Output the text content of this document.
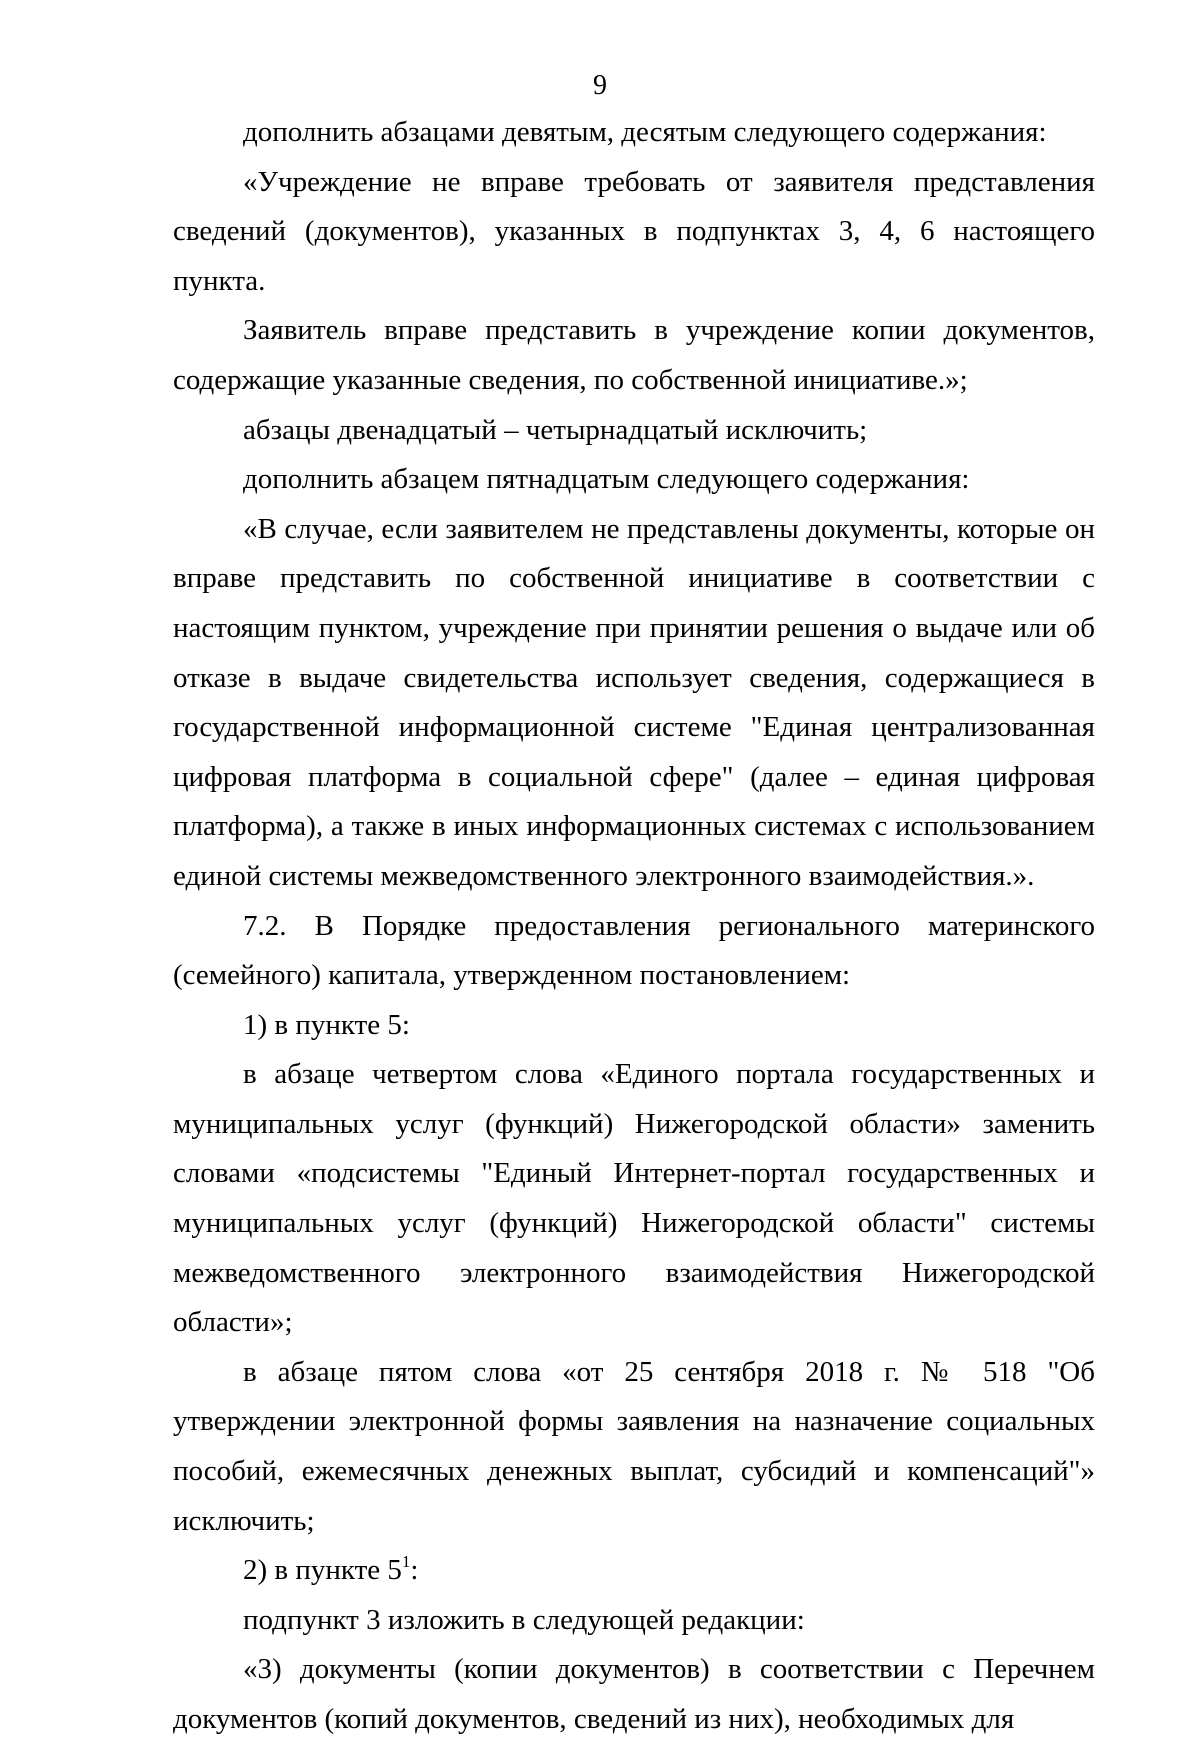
9

дополнить абзацами девятым, десятым следующего содержания:

«Учреждение не вправе требовать от заявителя представления сведений (документов), указанных в подпунктах 3, 4, 6 настоящего пункта.

Заявитель вправе представить в учреждение копии документов, содержащие указанные сведения, по собственной инициативе.»;

абзацы двенадцатый – четырнадцатый исключить;

дополнить абзацем пятнадцатым следующего содержания:

«В случае, если заявителем не представлены документы, которые он вправе представить по собственной инициативе в соответствии с настоящим пунктом, учреждение при принятии решения о выдаче или об отказе в выдаче свидетельства использует сведения, содержащиеся в государственной информационной системе "Единая централизованная цифровая платформа в социальной сфере" (далее – единая цифровая платформа), а также в иных информационных системах с использованием единой системы межведомственного электронного взаимодействия.».

7.2. В Порядке предоставления регионального материнского (семейного) капитала, утвержденном постановлением:

1) в пункте 5:

в абзаце четвертом слова «Единого портала государственных и муниципальных услуг (функций) Нижегородской области» заменить словами «подсистемы "Единый Интернет-портал государственных и муниципальных услуг (функций) Нижегородской области" системы межведомственного электронного взаимодействия Нижегородской области»;

в абзаце пятом слова «от 25 сентября 2018 г. № 518 "Об утверждении электронной формы заявления на назначение социальных пособий, ежемесячных денежных выплат, субсидий и компенсаций"» исключить;

2) в пункте $5^1$:

подпункт 3 изложить в следующей редакции:

«3) документы (копии документов) в соответствии с Перечнем документов (копий документов, сведений из них), необходимых для
